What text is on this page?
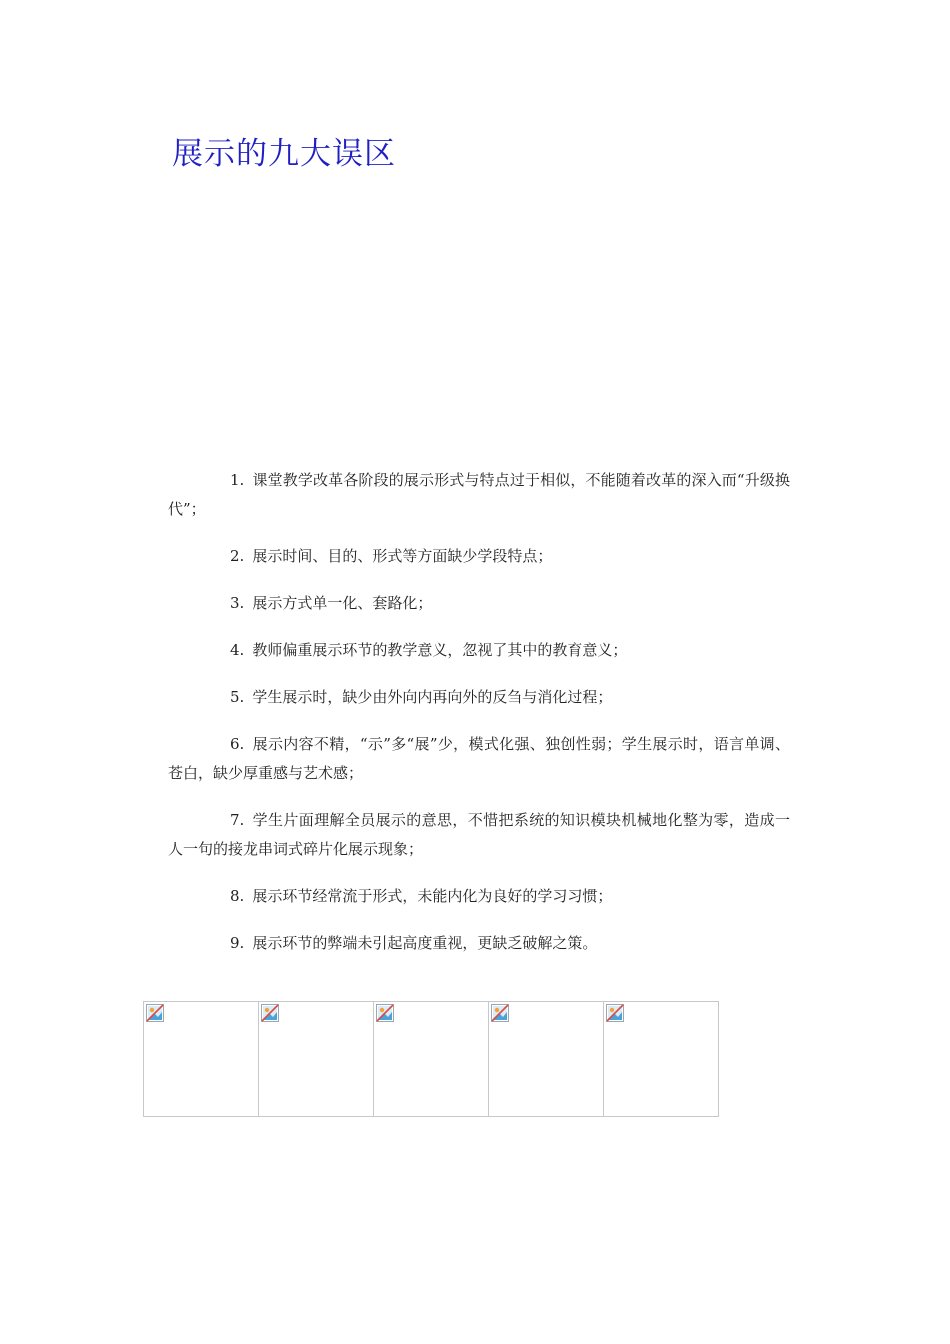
展示的九大误区

1. 课堂教学改革各阶段的展示形式与特点过于相似，不能随着改革的深入而“升级换代”；

2. 展示时间、目的、形式等方面缺少学段特点；

3. 展示方式单一化、套路化；

4. 教师偏重展示环节的教学意义，忽视了其中的教育意义；

5. 学生展示时，缺少由外向内再向外的反刍与消化过程；

6. 展示内容不精，“示”多“展”少，模式化强、独创性弱；学生展示时，语言单调、苍白，缺少厚重感与艺术感；

7. 学生片面理解全员展示的意思，不惜把系统的知识模块机械地化整为零，造成一人一句的接龙串词式碎片化展示现象；

8. 展示环节经常流于形式，未能内化为良好的学习习惯；

9. 展示环节的弊端未引起高度重视，更缺乏破解之策。
